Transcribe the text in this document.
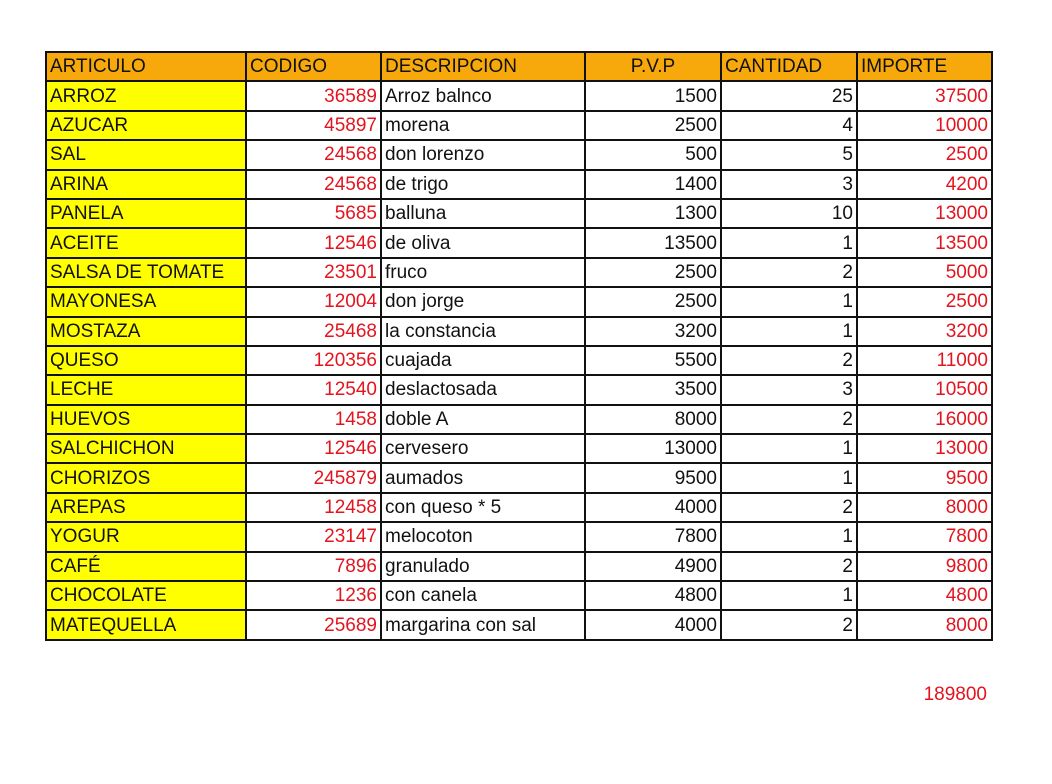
ARTICULO	CODIGO	DESCRIPCION	P.V.P	CANTIDAD	IMPORTE
ARROZ	36589	Arroz balnco	1500	25	37500
AZUCAR	45897	morena	2500	4	10000
SAL	24568	don lorenzo	500	5	2500
ARINA	24568	de trigo	1400	3	4200
PANELA	5685	balluna	1300	10	13000
ACEITE	12546	de oliva	13500	1	13500
SALSA DE TOMATE	23501	fruco	2500	2	5000
MAYONESA	12004	don jorge	2500	1	2500
MOSTAZA	25468	la constancia	3200	1	3200
QUESO	120356	cuajada	5500	2	11000
LECHE	12540	deslactosada	3500	3	10500
HUEVOS	1458	doble A	8000	2	16000
SALCHICHON	12546	cervesero	13000	1	13000
CHORIZOS	245879	aumados	9500	1	9500
AREPAS	12458	con queso * 5	4000	2	8000
YOGUR	23147	melocoton	7800	1	7800
CAFÉ	7896	granulado	4900	2	9800
CHOCOLATE	1236	con canela	4800	1	4800
MATEQUELLA	25689	margarina con sal	4000	2	8000
189800
